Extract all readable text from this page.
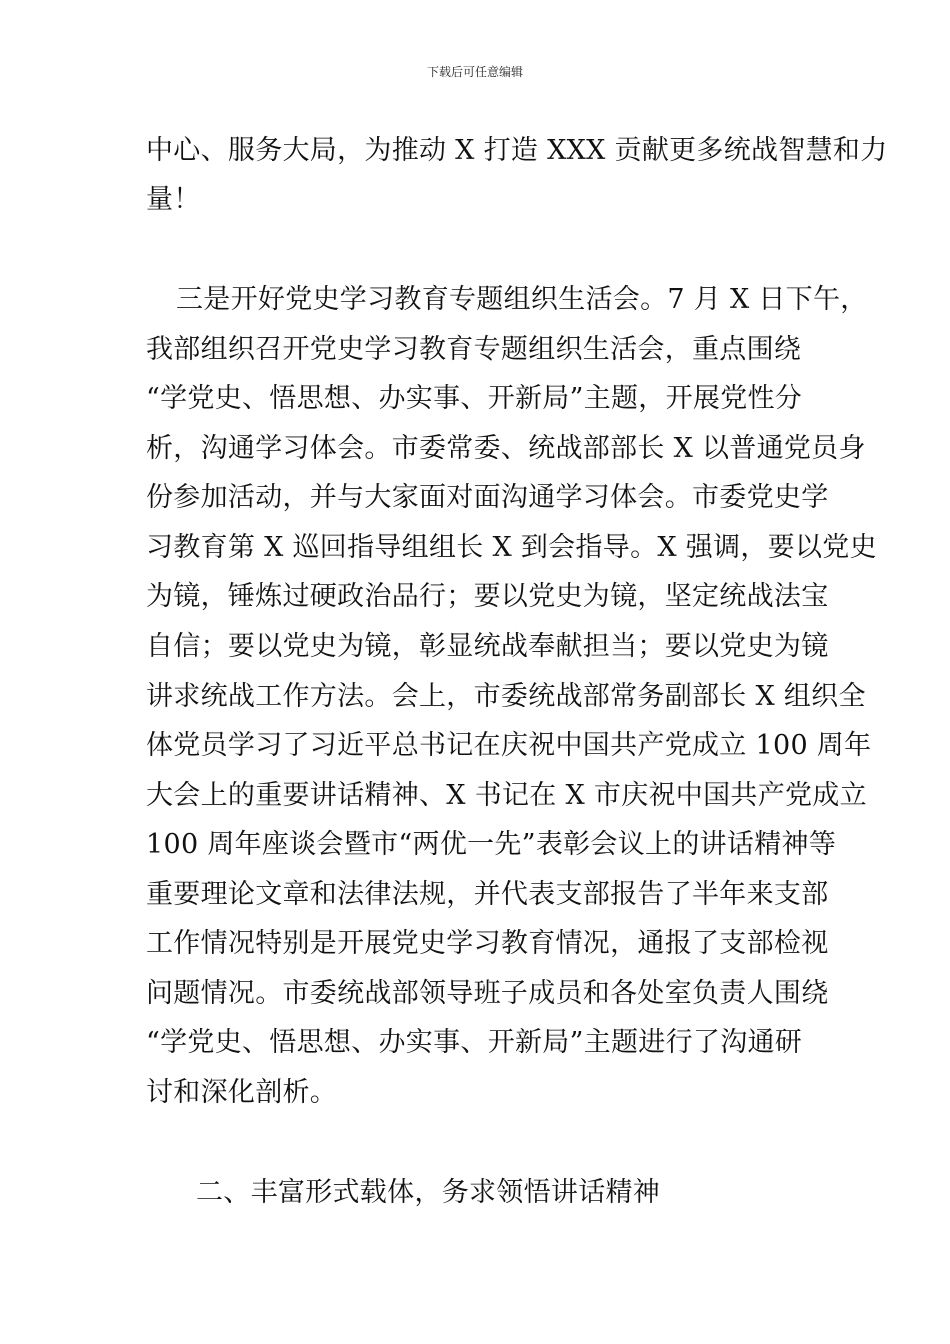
下载后可任意编辑
中心、服务大局，为推动 X 打造 XXX 贡献更多统战智慧和力
量！
三是开好党史学习教育专题组织生活会。7 月 X 日下午，
我部组织召开党史学习教育专题组织生活会，重点围绕
“学党史、悟思想、办实事、开新局”主题，开展党性分
析，沟通学习体会。市委常委、统战部部长 X 以普通党员身
份参加活动，并与大家面对面沟通学习体会。市委党史学
习教育第 X 巡回指导组组长 X 到会指导。X 强调，要以党史
为镜，锤炼过硬政治品行；要以党史为镜，坚定统战法宝
自信；要以党史为镜，彰显统战奉献担当；要以党史为镜
讲求统战工作方法。会上，市委统战部常务副部长 X 组织全
体党员学习了习近平总书记在庆祝中国共产党成立 100 周年
大会上的重要讲话精神、X 书记在 X 市庆祝中国共产党成立
100 周年座谈会暨市“两优一先”表彰会议上的讲话精神等
重要理论文章和法律法规，并代表支部报告了半年来支部
工作情况特别是开展党史学习教育情况，通报了支部检视
问题情况。市委统战部领导班子成员和各处室负责人围绕
“学党史、悟思想、办实事、开新局”主题进行了沟通研
讨和深化剖析。
二、丰富形式载体，务求领悟讲话精神
